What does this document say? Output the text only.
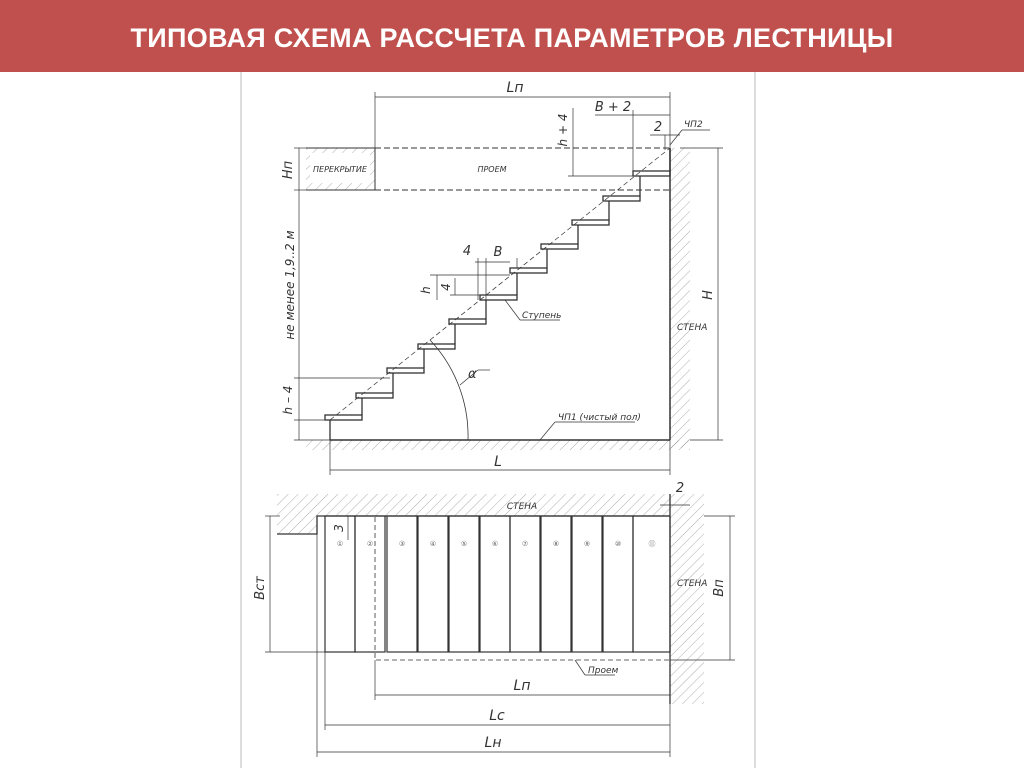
ТИПОВАЯ СХЕМА РАССЧЕТА ПАРАМЕТРОВ ЛЕСТНИЦЫ
Lп
B + 2
2 ЧП2
h + 4
Hп ПЕРЕКРЫТИЕ	ПРОЕМ
не менее 1,9..2 м	4 B
h 4
Ступень
α
h – 4
СТЕНА
H
ЧП1 (чистый пол)
L
СТЕНА
2
3
СТЕНА
Bст	Bп
Проем
Lп
Lс
Lн
①	②	③	④	⑤	⑥	⑦	⑧	⑨	⑩	⑪
